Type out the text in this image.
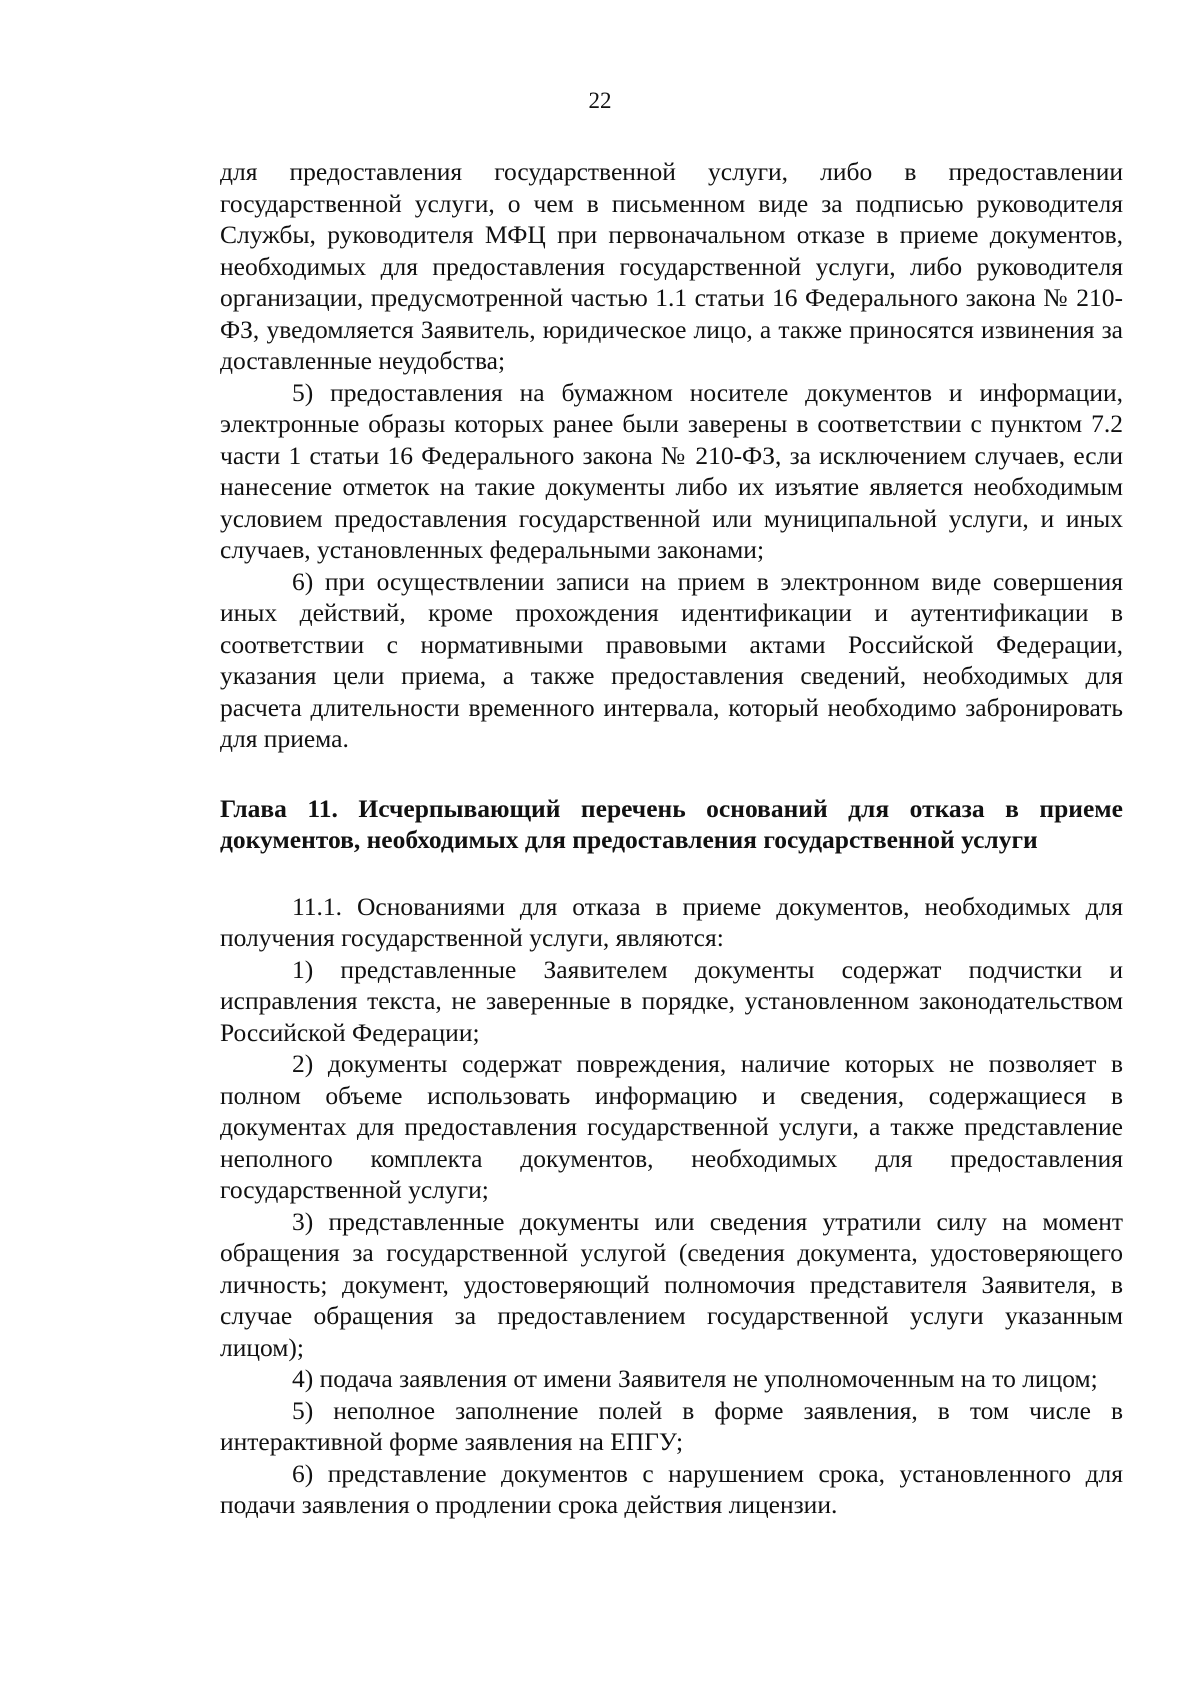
22

для предоставления государственной услуги, либо в предоставлении государственной услуги, о чем в письменном виде за подписью руководителя Службы, руководителя МФЦ при первоначальном отказе в приеме документов, необходимых для предоставления государственной услуги, либо руководителя организации, предусмотренной частью 1.1 статьи 16 Федерального закона № 210-ФЗ, уведомляется Заявитель, юридическое лицо, а также приносятся извинения за доставленные неудобства;

5) предоставления на бумажном носителе документов и информации, электронные образы которых ранее были заверены в соответствии с пунктом 7.2 части 1 статьи 16 Федерального закона № 210-ФЗ, за исключением случаев, если нанесение отметок на такие документы либо их изъятие является необходимым условием предоставления государственной или муниципальной услуги, и иных случаев, установленных федеральными законами;

6) при осуществлении записи на прием в электронном виде совершения иных действий, кроме прохождения идентификации и аутентификации в соответствии с нормативными правовыми актами Российской Федерации, указания цели приема, а также предоставления сведений, необходимых для расчета длительности временного интервала, который необходимо забронировать для приема.

Глава 11. Исчерпывающий перечень оснований для отказа в приеме документов, необходимых для предоставления государственной услуги

11.1. Основаниями для отказа в приеме документов, необходимых для получения государственной услуги, являются:

1) представленные Заявителем документы содержат подчистки и исправления текста, не заверенные в порядке, установленном законодательством Российской Федерации;

2) документы содержат повреждения, наличие которых не позволяет в полном объеме использовать информацию и сведения, содержащиеся в документах для предоставления государственной услуги, а также представление неполного комплекта документов, необходимых для предоставления государственной услуги;

3) представленные документы или сведения утратили силу на момент обращения за государственной услугой (сведения документа, удостоверяющего личность; документ, удостоверяющий полномочия представителя Заявителя, в случае обращения за предоставлением государственной услуги указанным лицом);

4) подача заявления от имени Заявителя не уполномоченным на то лицом;

5) неполное заполнение полей в форме заявления, в том числе в интерактивной форме заявления на ЕПГУ;

6) представление документов с нарушением срока, установленного для подачи заявления о продлении срока действия лицензии.
